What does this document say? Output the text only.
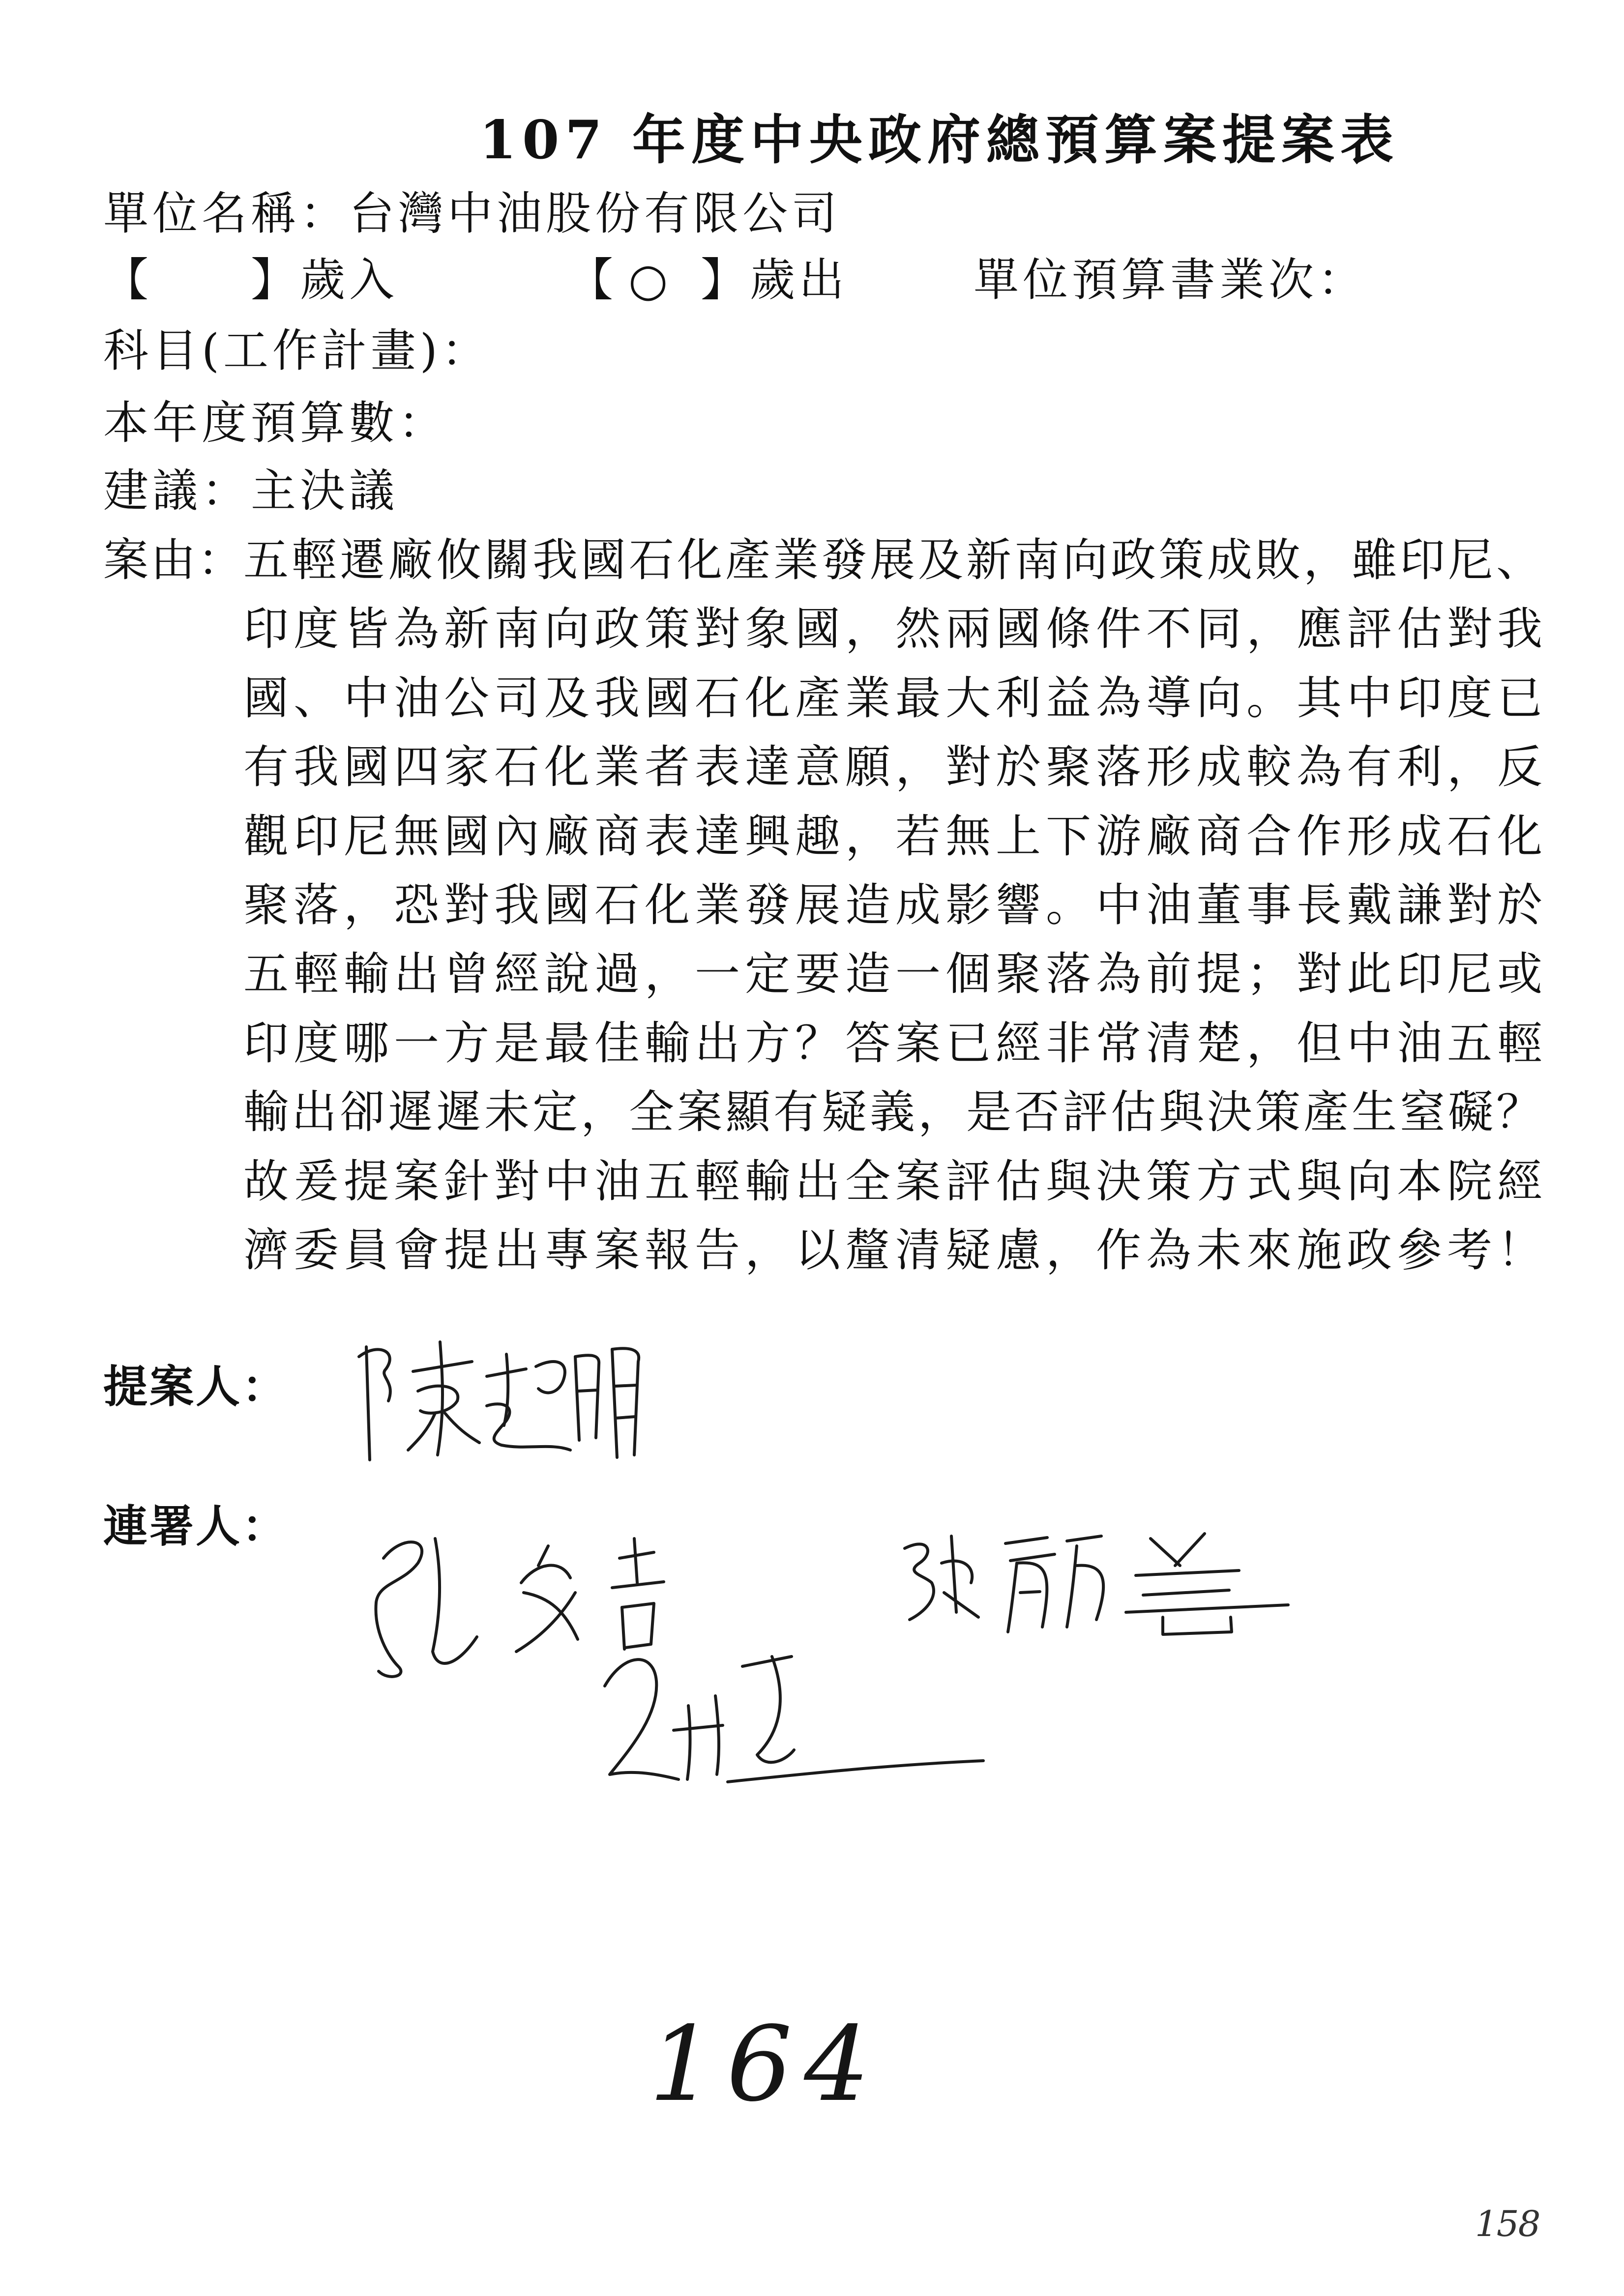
107 年度中央政府總預算案提案表
單位名稱：台灣中油股份有限公司
【 】歲入	【 ○ 】歲出	單位預算書業次：
科目(工作計畫)：
本年度預算數：
建議：主決議
案由：
五輕遷廠攸關我國石化產業發展及新南向政策成敗，雖印尼、
印度皆為新南向政策對象國，然兩國條件不同，應評估對我
國、中油公司及我國石化產業最大利益為導向。其中印度已
有我國四家石化業者表達意願，對於聚落形成較為有利，反
觀印尼無國內廠商表達興趣，若無上下游廠商合作形成石化
聚落，恐對我國石化業發展造成影響。中油董事長戴謙對於
五輕輸出曾經說過，一定要造一個聚落為前提；對此印尼或
印度哪一方是最佳輸出方？答案已經非常清楚，但中油五輕
輸出卻遲遲未定，全案顯有疑義，是否評估與決策產生窒礙？
故爰提案針對中油五輕輸出全案評估與決策方式與向本院經
濟委員會提出專案報告，以釐清疑慮，作為未來施政參考！
提案人：
連署人：
164
158
